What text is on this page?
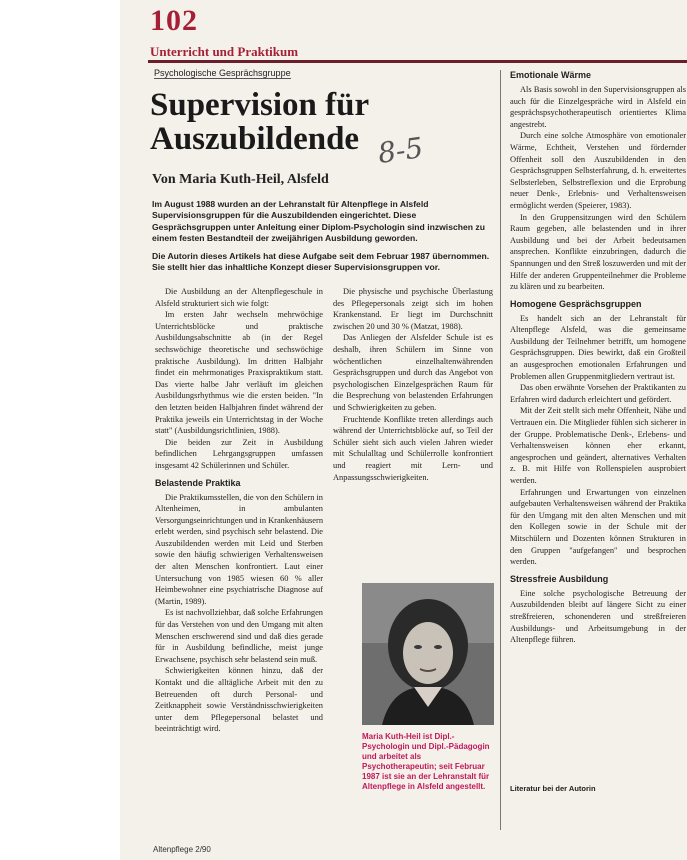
102
Unterricht und Praktikum
Psychologische Gesprächsgruppe
Supervision für Auszubildende 8-5
Von Maria Kuth-Heil, Alsfeld

Im August 1988 wurden an der Lehranstalt für Altenpflege in Alsfeld Supervisionsgruppen für die Auszubildenden eingerichtet. Diese Gesprächsgruppen unter Anleitung einer Diplom-Psychologin sind inzwischen zu einem festen Bestandteil der zweijährigen Ausbildung geworden.

Die Autorin dieses Artikels hat diese Aufgabe seit dem Februar 1987 übernommen. Sie stellt hier das inhaltliche Konzept dieser Supervisionsgruppen vor.

Die Ausbildung an der Altenpflegeschule in Alsfeld strukturiert sich wie folgt:

Im ersten Jahr wechseln mehrwöchige Unterrichtsblöcke und praktische Ausbildungsabschnitte ab (in der Regel sechswöchige theoretische und sechswöchige praktische Ausbildung). Im dritten Halbjahr findet ein mehrmonatiges Praxispraktikum statt. Das vierte halbe Jahr verläuft im gleichen Ausbildungsrhythmus wie die ersten beiden. "In den letzten beiden Halbjahren findet während der Praktika jeweils ein Unterrichtstag in der Woche statt" (Ausbildungsrichtlinien, 1988).

Die beiden zur Zeit in Ausbildung befindlichen Lehrgangsgruppen umfassen insgesamt 42 Schülerinnen und Schüler.

Belastende Praktika

Die Praktikumsstellen, die von den Schülern in Altenheimen, in ambulanten Versorgungseinrichtungen und in Krankenhäusern erlebt werden, sind psychisch sehr belastend. Die Auszubildenden werden mit Leid und Sterben sowie den häufig schwierigen Verhaltensweisen der alten Menschen konfrontiert. Laut einer Untersuchung von 1985 wiesen 60 % aller Heimbewohner eine psychiatrische Diagnose auf (Martin, 1989).

Es ist nachvollziehbar, daß solche Erfahrungen für das Verstehen von und den Umgang mit alten Menschen erschwerend sind und daß dies gerade für in Ausbildung befindliche, meist junge Erwachsene, psychisch sehr belastend sein muß.

Schwierigkeiten können hinzu, daß der Kontakt und die alltägliche Arbeit mit den zu Betreuenden oft durch Personal- und Zeitknappheit sowie Verständnisschwierigkeiten unter dem Pflegepersonal belastet und beeinträchtigt wird.

Die physische und psychische Überlastung des Pflegepersonals zeigt sich im hohen Krankenstand. Er liegt im Durchschnitt zwischen 20 und 30 % (Matzat, 1988).

Das Anliegen der Alsfelder Schule ist es deshalb, ihren Schülern im Sinne von wöchentlichen einzelhaltenwährenden Gesprächsgruppen und durch das Angebot von psychologischen Einzelgesprächen Raum für die Besprechung von belastenden Erfahrungen und Schwierigkeiten zu geben.

Fruchtende Konflikte treten allerdings auch während der Unterrichtsblöcke auf, so Teil der Schüler sieht sich auch vielen Jahren wieder mit Schulalltag und Schülerrolle konfrontiert und reagiert mit Lern- und Anpassungsschwierigkeiten.

Maria Kuth-Heil ist Dipl.-Psychologin und Dipl.-Pädagogin und arbeitet als Psychotherapeutin; seit Februar 1987 ist sie an der Lehranstalt für Altenpflege in Alsfeld angestellt.

Emotionale Wärme

Als Basis sowohl in den Supervisionsgruppen als auch für die Einzelgespräche wird in Alsfeld ein gesprächspsychotherapeutisch orientiertes Klima angestrebt.

Durch eine solche Atmosphäre von emotionaler Wärme, Echtheit, Verstehen und fördernder Offenheit soll den Auszubildenden in den Gesprächsgruppen Selbsterfahrung, d. h. erweitertes Selbsterleben, Selbstreflexion und die Erprobung neuer Denk-, Erlebnis- und Verhaltensweisen ermöglicht werden (Speierer, 1983).

In den Gruppensitzungen wird den Schülern Raum gegeben, alle belastenden und in ihrer Ausbildung und bei der Arbeit bedeutsamen ansprechen. Konflikte einzubringen, dadurch die Spannungen und den Streß loszuwerden und mit der Hilfe der anderen Gruppenteilnehmer die Probleme zu klären und zu bearbeiten.

Homogene Gesprächsgruppen

Es handelt sich an der Lehranstalt für Altenpflege Alsfeld, was die gemeinsame Ausbildung der Teilnehmer betrifft, um homogene Gesprächsgruppen. Dies bewirkt, daß ein Großteil an ausgesprochen emotionalen Erfahrungen und Problemen allen Gruppenmitgliedern vertraut ist.

Das oben erwähnte Vorsehen der Praktikanten zu Erfahren wird dadurch erleichtert und gefördert.

Mit der Zeit stellt sich mehr Offenheit, Nähe und Vertrauen ein. Die Mitglieder fühlen sich sicherer in der Gruppe. Problematische Denk-, Erlebens- und Verhaltensweisen können eher erkannt, angesprochen und geändert, alternatives Verhalten z. B. mit Hilfe von Rollenspielen ausprobiert werden.

Erfahrungen und Erwartungen von einzelnen aufgebauten Verhaltensweisen während der Praktika für den Umgang mit den alten Menschen und mit den Kollegen sowie in der Schule mit der Mitschülern und Dozenten können Strukturen in den Gruppen "aufgefangen" und besprochen werden.

Stressfreie Ausbildung

Eine solche psychologische Betreuung der Auszubildenden bleibt auf längere Sicht zu einer streßfreieren, schonenderen und streßfreieren Ausbildungs- und Arbeitsumgebung in der Altenpflege führen.

Literatur bei der Autorin
Altenpflege 2/90
